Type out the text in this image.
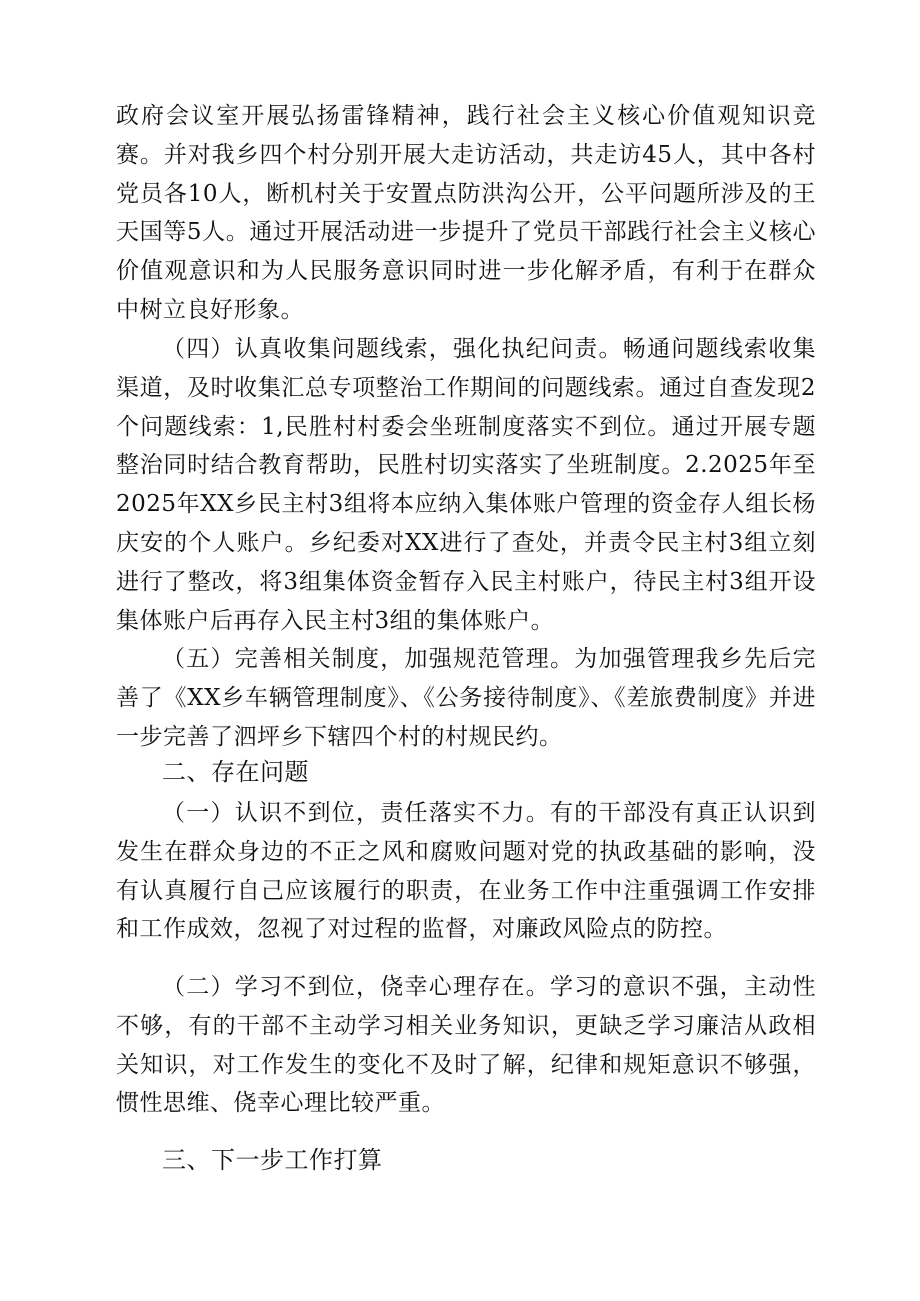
政府会议室开展弘扬雷锋精神，践行社会主义核心价值观知识竞赛。并对我乡四个村分别开展大走访活动，共走访45人，其中各村党员各10人，断机村关于安置点防洪沟公开，公平问题所涉及的王天国等5人。通过开展活动进一步提升了党员干部践行社会主义核心价值观意识和为人民服务意识同时进一步化解矛盾，有利于在群众中树立良好形象。

（四）认真收集问题线索，强化执纪问责。畅通问题线索收集渠道，及时收集汇总专项整治工作期间的问题线索。通过自查发现2个问题线索：1,民胜村村委会坐班制度落实不到位。通过开展专题整治同时结合教育帮助，民胜村切实落实了坐班制度。2.2025年至2025年XX乡民主村3组将本应纳入集体账户管理的资金存人组长杨庆安的个人账户。乡纪委对XX进行了查处，并责令民主村3组立刻进行了整改，将3组集体资金暂存入民主村账户，待民主村3组开设集体账户后再存入民主村3组的集体账户。

（五）完善相关制度，加强规范管理。为加强管理我乡先后完善了《XX乡车辆管理制度》、《公务接待制度》、《差旅费制度》并进一步完善了泗坪乡下辖四个村的村规民约。

二、存在问题

（一）认识不到位，责任落实不力。有的干部没有真正认识到发生在群众身边的不正之风和腐败问题对党的执政基础的影响，没有认真履行自己应该履行的职责，在业务工作中注重强调工作安排和工作成效，忽视了对过程的监督，对廉政风险点的防控。

（二）学习不到位，侥幸心理存在。学习的意识不强，主动性不够，有的干部不主动学习相关业务知识，更缺乏学习廉洁从政相关知识，对工作发生的变化不及时了解，纪律和规矩意识不够强，惯性思维、侥幸心理比较严重。

三、下一步工作打算
